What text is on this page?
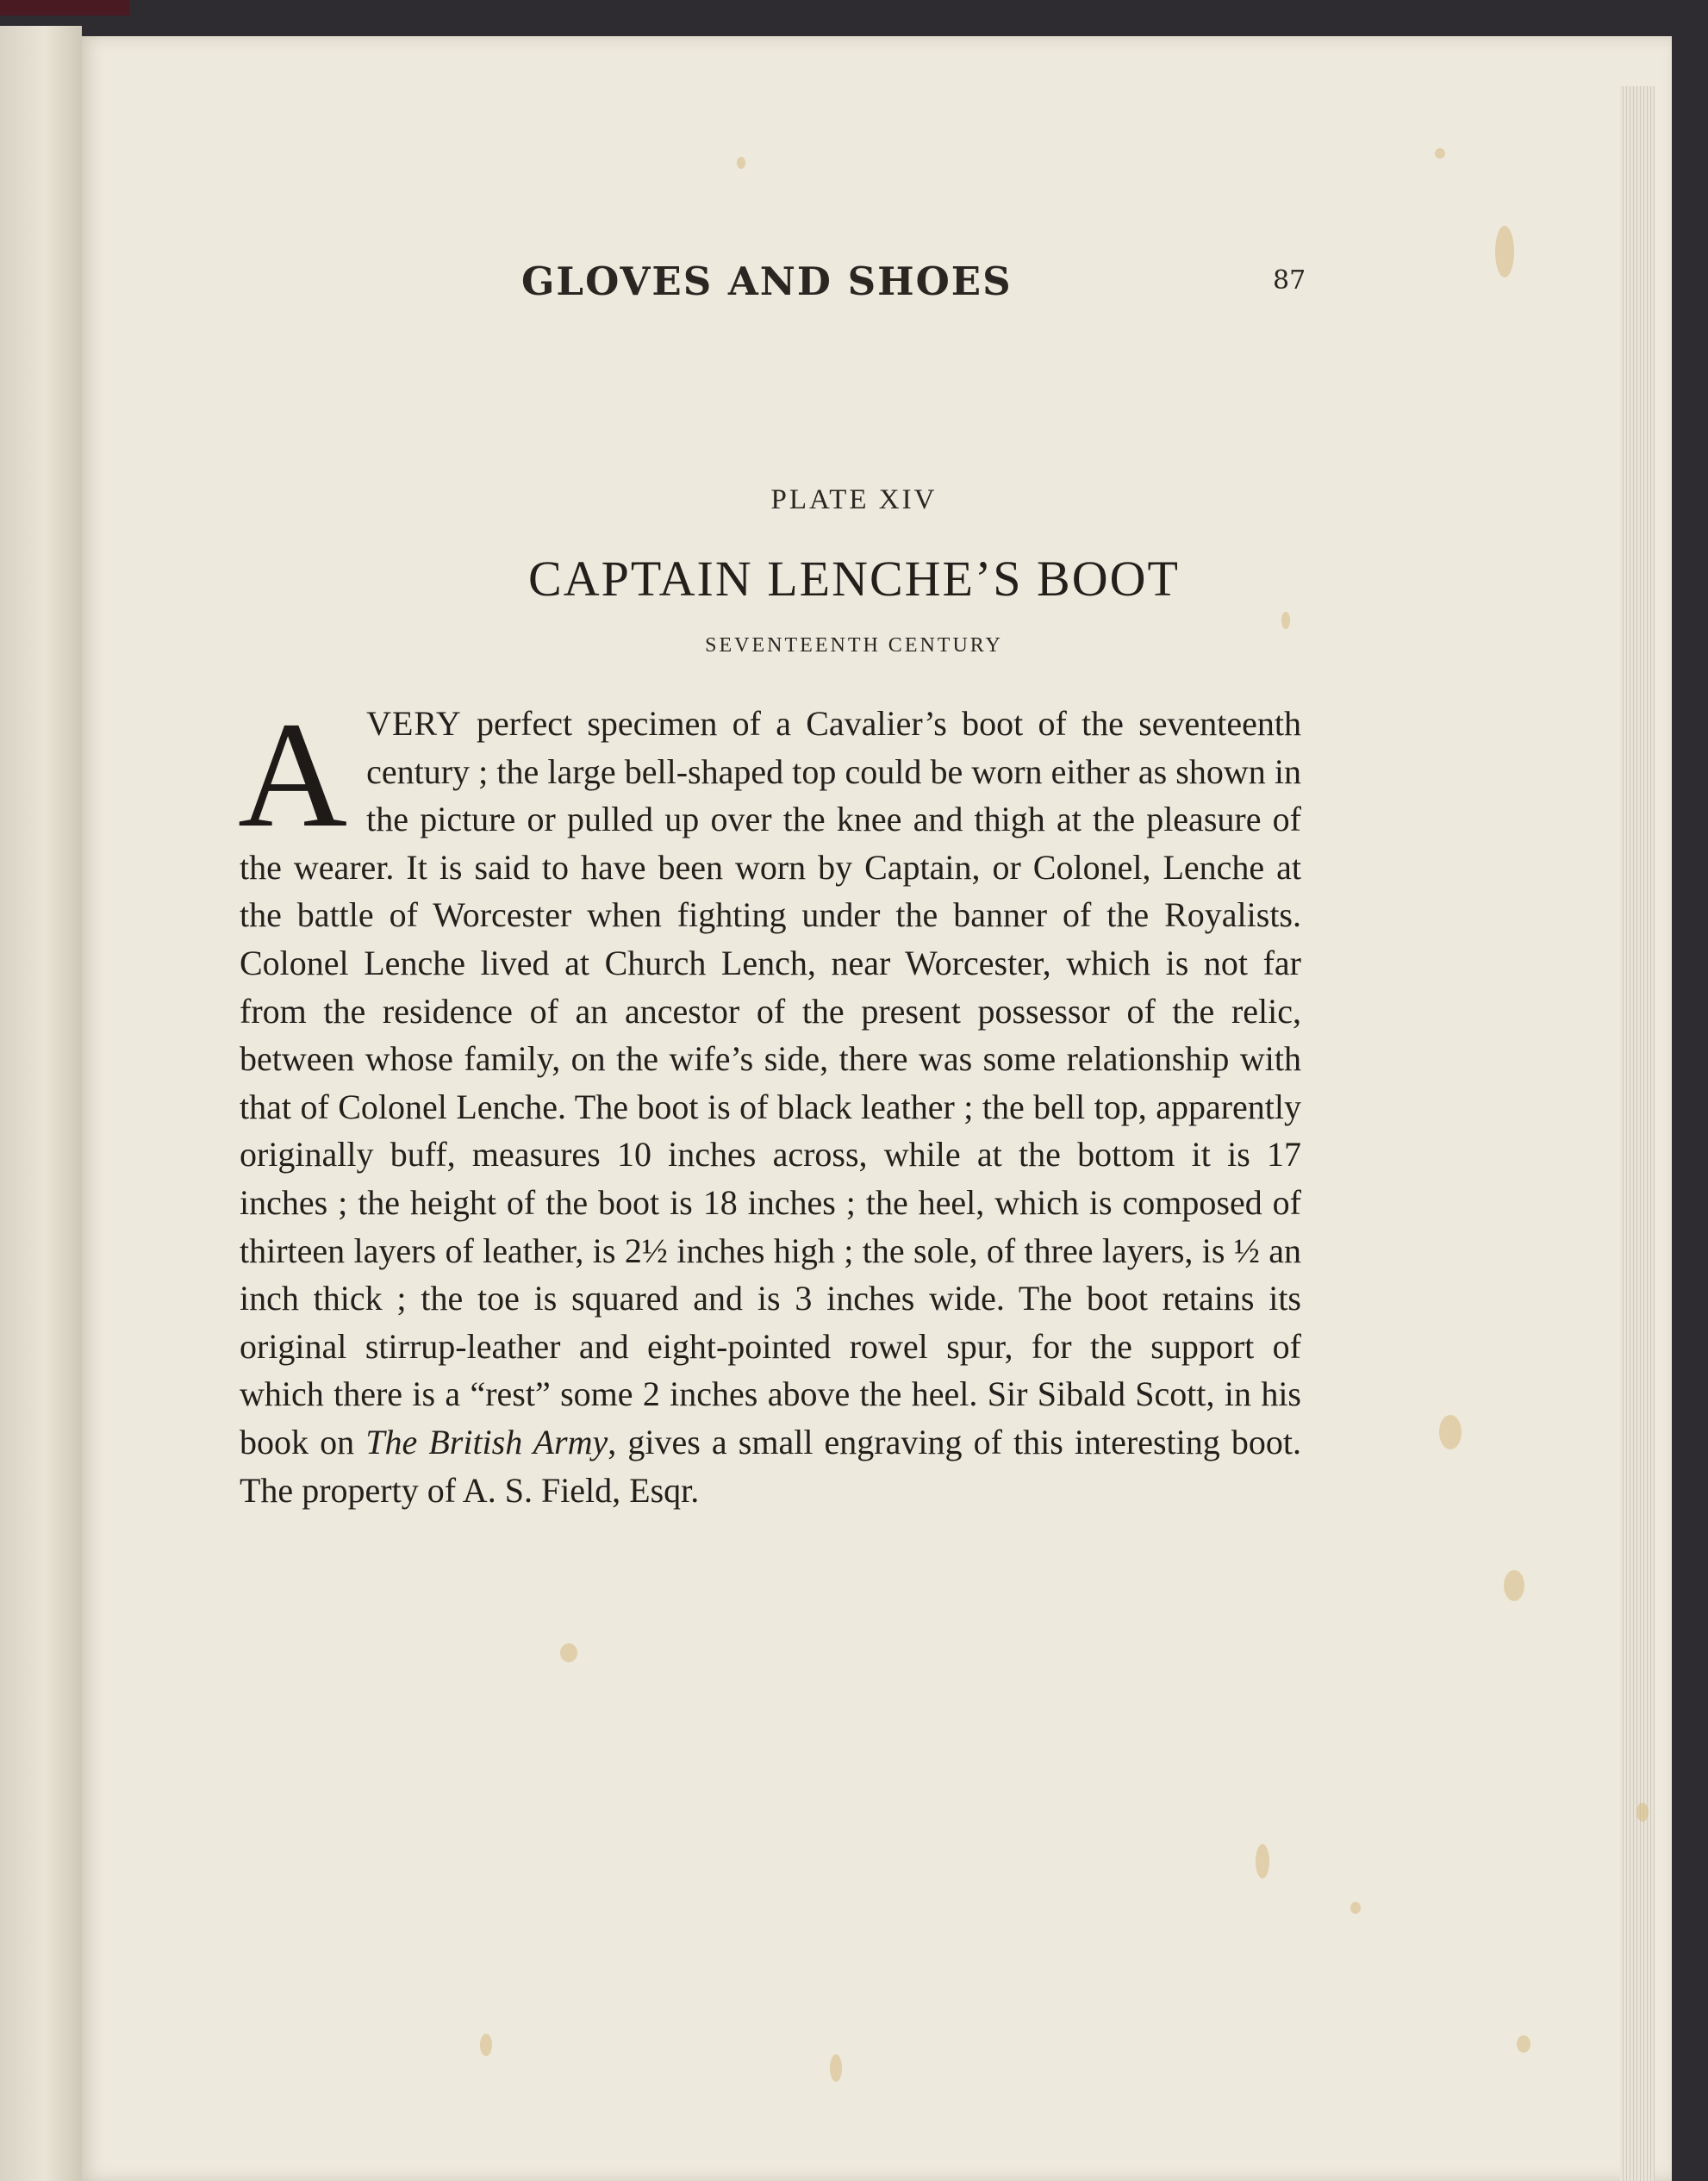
GLOVES AND SHOES	87
PLATE XIV
CAPTAIN LENCHE’S BOOT
SEVENTEENTH CENTURY
A VERY perfect specimen of a Cavalier’s boot of the seventeenth century ; the large bell-shaped top could be worn either as shown in the picture or pulled up over the knee and thigh at the pleasure of the wearer. It is said to have been worn by Captain, or Colonel, Lenche at the battle of Worcester when fighting under the banner of the Royalists. Colonel Lenche lived at Church Lench, near Worcester, which is not far from the residence of an ancestor of the present possessor of the relic, between whose family, on the wife’s side, there was some relationship with that of Colonel Lenche. The boot is of black leather ; the bell top, apparently originally buff, measures 10 inches across, while at the bottom it is 17 inches ; the height of the boot is 18 inches ; the heel, which is composed of thirteen layers of leather, is 2½ inches high ; the sole, of three layers, is ½ an inch thick ; the toe is squared and is 3 inches wide. The boot retains its original stirrup-leather and eight-pointed rowel spur, for the support of which there is a “rest” some 2 inches above the heel. Sir Sibald Scott, in his book on The British Army, gives a small engraving of this interesting boot. The property of A. S. Field, Esqr.
